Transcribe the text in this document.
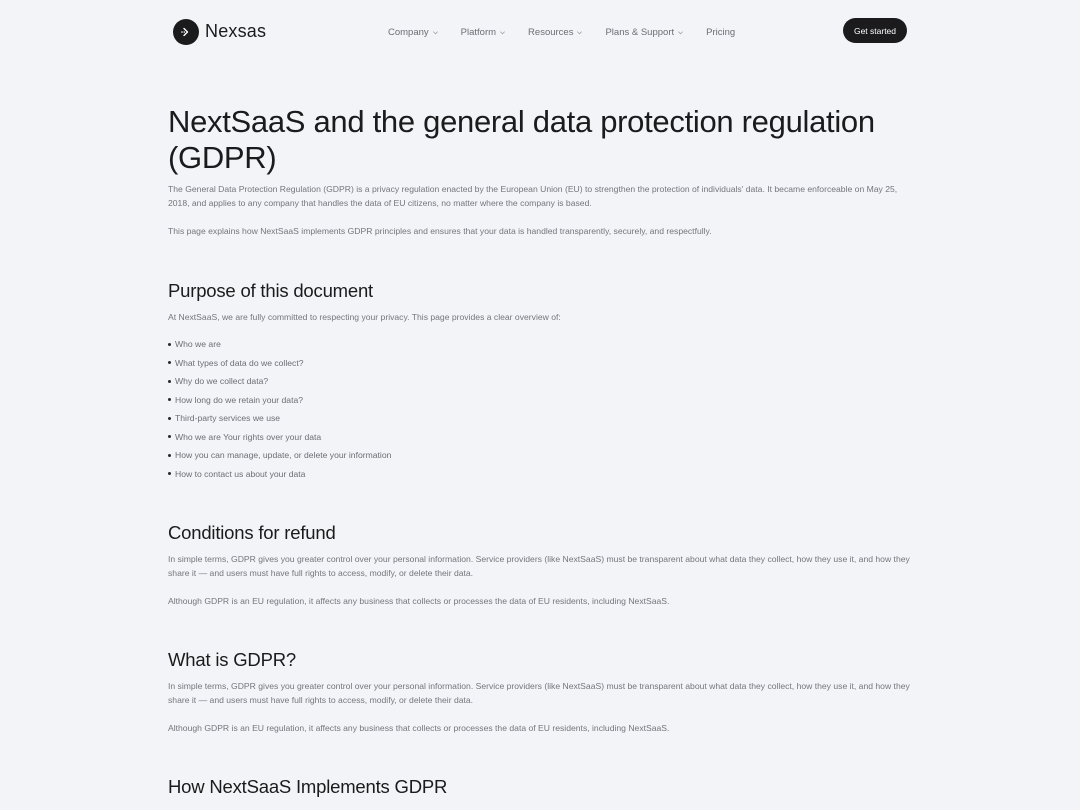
Nexsas	Company	Platform	Resources	Plans & Support	Pricing	Get started
NextSaaS and the general data protection regulation (GDPR)

The General Data Protection Regulation (GDPR) is a privacy regulation enacted by the European Union (EU) to strengthen the protection of individuals' data. It became enforceable on May 25, 2018, and applies to any company that handles the data of EU citizens, no matter where the company is based.

This page explains how NextSaaS implements GDPR principles and ensures that your data is handled transparently, securely, and respectfully.

Purpose of this document

At NextSaaS, we are fully committed to respecting your privacy. This page provides a clear overview of:

Who we are
What types of data do we collect?
Why do we collect data?
How long do we retain your data?
Third-party services we use
Who we are Your rights over your data
How you can manage, update, or delete your information
How to contact us about your data
Conditions for refund

In simple terms, GDPR gives you greater control over your personal information. Service providers (like NextSaaS) must be transparent about what data they collect, how they use it, and how they share it — and users must have full rights to access, modify, or delete their data.

Although GDPR is an EU regulation, it affects any business that collects or processes the data of EU residents, including NextSaaS.

What is GDPR?

In simple terms, GDPR gives you greater control over your personal information. Service providers (like NextSaaS) must be transparent about what data they collect, how they use it, and how they share it — and users must have full rights to access, modify, or delete their data.

Although GDPR is an EU regulation, it affects any business that collects or processes the data of EU residents, including NextSaaS.

How NextSaaS Implements GDPR
